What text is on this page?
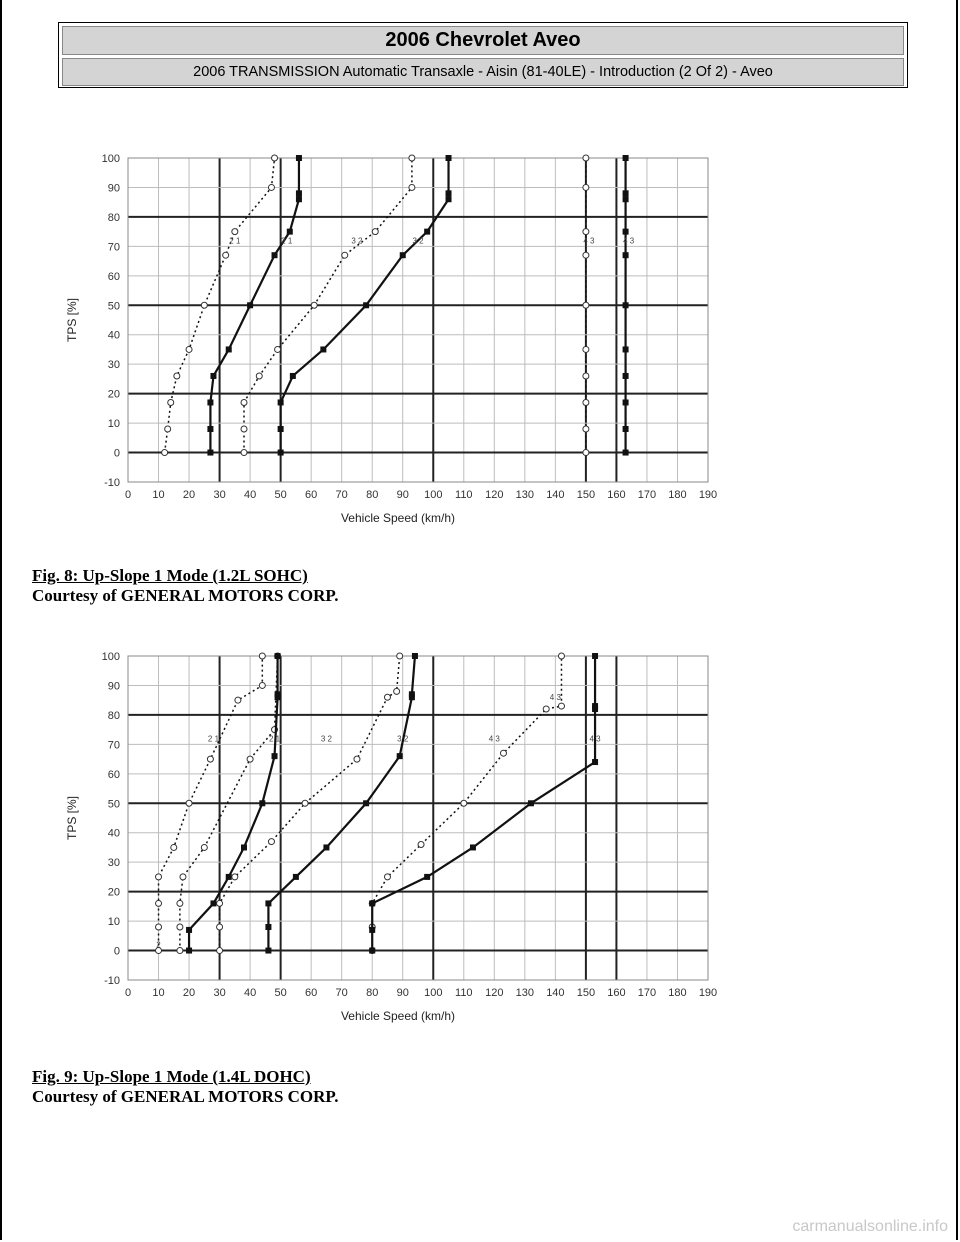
2006 Chevrolet Aveo
2006 TRANSMISSION Automatic Transaxle - Aisin (81-40LE) - Introduction (2 Of 2) - Aveo
0 10 20 30 40 50 60 70 80 90 100 110 120 130 140 150 160 170 180 190
-10
0
10
20
30
40
50
60
70
80
90
100
Vehicle Speed (km/h)
TPS [%]
2 1	2 1	3 2	3 2	4 3	4 3
Fig. 8: Up-Slope 1 Mode (1.2L SOHC)
Courtesy of GENERAL MOTORS CORP.
0 10 20 30 40 50 60 70 80 90 100 110 120 130 140 150 160 170 180 190
-10
0
10
20
30
40
50
60
70
80
90
100
Vehicle Speed (km/h)
TPS [%]
2
2 1	2 1	3 2	3 2	4 3	4 3
4 3
Fig. 9: Up-Slope 1 Mode (1.4L DOHC)
Courtesy of GENERAL MOTORS CORP.
carmanualsonline.info
